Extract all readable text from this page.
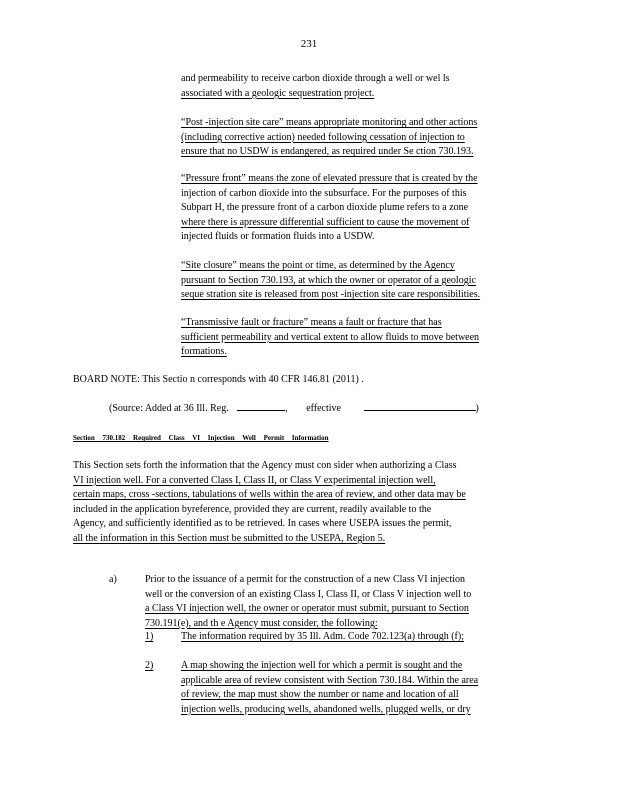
231
and permeability to receive carbon dioxide through a well or wel ls
associated with a geologic sequestration project.
“Post -injection site care” means appropriate monitoring and other actions
(including corrective action) needed following cessation of injection to
ensure that no USDW is endangered, as required under Se ction 730.193.
“Pressure front” means the zone of elevated pressure that is created by the
injection of carbon dioxide into the subsurface. For the purposes of this
Subpart H, the pressure front of a carbon dioxide plume refers to a zone
where there is apressure differential sufficient to cause the movement of
injected fluids or formation fluids into a USDW.
“Site closure” means the point or time, as determined by the Agency
pursuant to Section 730.193, at which the owner or operator of a geologic
seque stration site is released from post -injection site care responsibilities.
“Transmissive fault or fracture” means a fault or fracture that has
sufficient permeability and vertical extent to allow fluids to move between
formations.
BOARD NOTE: This Sectio n corresponds with 40 CFR 146.81 (2011) .
(Source: Added at 36 Ill. Reg.	, effective	)
Section 730.182 Required Class VI Injection Well Permit Information
This Section sets forth the information that the Agency must con sider when authorizing a Class
VI injection well. For a converted Class I, Class II, or Class V experimental injection well,
certain maps, cross -sections, tabulations of wells within the area of review, and other data may be
included in the application byreference, provided they are current, readily available to the
Agency, and sufficiently identified as to be retrieved. In cases where USEPA issues the permit,
all the information in this Section must be submitted to the USEPA, Region 5.
a)	Prior to the issuance of a permit for the construction of a new Class VI injection
well or the conversion of an existing Class I, Class II, or Class V injection well to
a Class VI injection well, the owner or operator must submit, pursuant to Section
730.191(e), and th e Agency must consider, the following:
1)	The information required by 35 Ill. Adm. Code 702.123(a) through (f);
2)	A map showing the injection well for which a permit is sought and the
applicable area of review consistent with Section 730.184. Within the area
of review, the map must show the number or name and location of all
injection wells, producing wells, abandoned wells, plugged wells, or dry
